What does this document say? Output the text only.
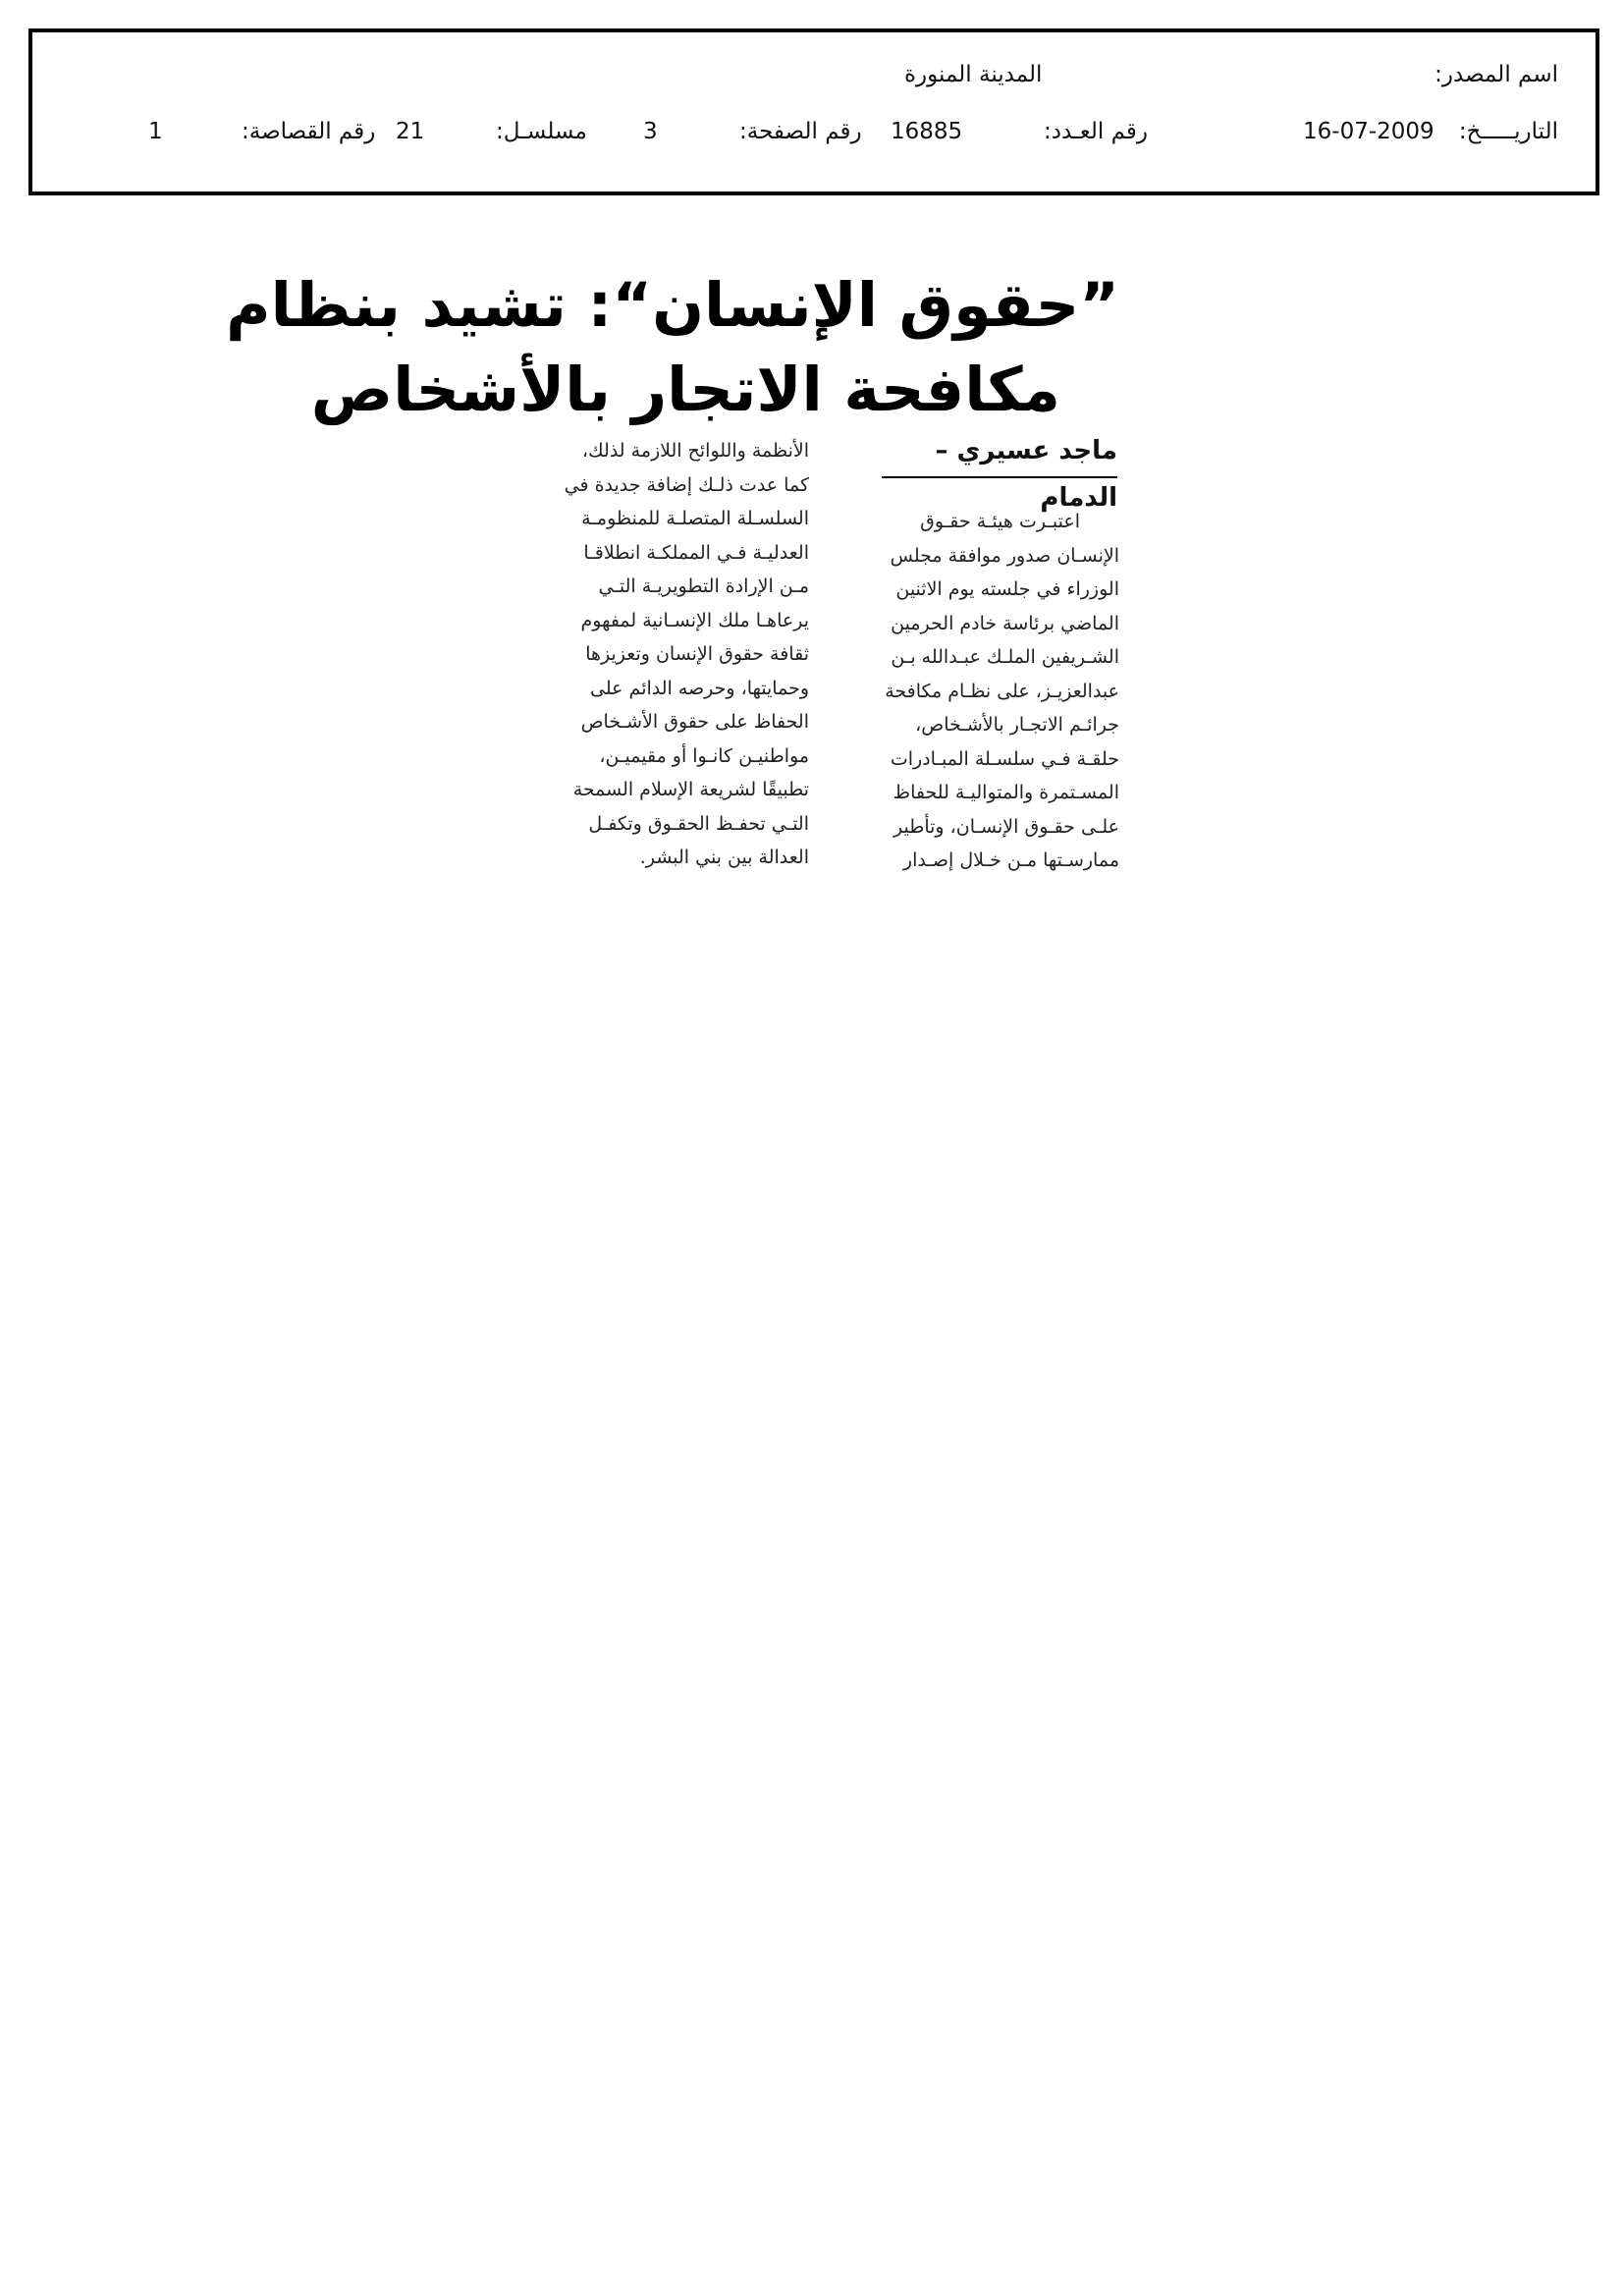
اسم المصدر:
المدينة المنورة
التاريـــــخ:
16-07-2009
رقم العـدد:
16885
رقم الصفحة:
3
مسلسـل:
21
رقم القصاصة:
1
”حقوق الإنسان“: تشيد بنظام
مكافحة الاتجار بالأشخاص
ماجد عسيري – الدمام

اعتبـرت هيئـة حقـوق

الإنسـان صدور موافقة مجلس

الوزراء في جلسته يوم الاثنين

الماضي برئاسة خادم الحرمين

الشـريفين الملـك عبـدالله بـن

عبدالعزيـز، على نظـام مكافحة

جرائـم الاتجـار بالأشـخاص،

حلقـة فـي سلسـلة المبـادرات

المسـتمرة والمتواليـة للحفاظ

علـى حقـوق الإنسـان، وتأطير

ممارسـتها مـن خـلال إصـدار

الأنظمة واللوائح اللازمة لذلك،

كما عدت ذلـك إضافة جديدة في

السلسـلة المتصلـة للمنظومـة

العدليـة فـي المملكـة انطلاقـا

مـن الإرادة التطويريـة التـي

يرعاهـا ملك الإنسـانية لمفهوم

ثقافة حقوق الإنسان وتعزيزها

وحمايتها، وحرصه الدائم على

الحفاظ على حقوق الأشـخاص

مواطنيـن كانـوا أو مقيميـن،

تطبيقًا لشريعة الإسلام السمحة

التـي تحفـظ الحقـوق وتكفـل

العدالة بين بني البشر.
